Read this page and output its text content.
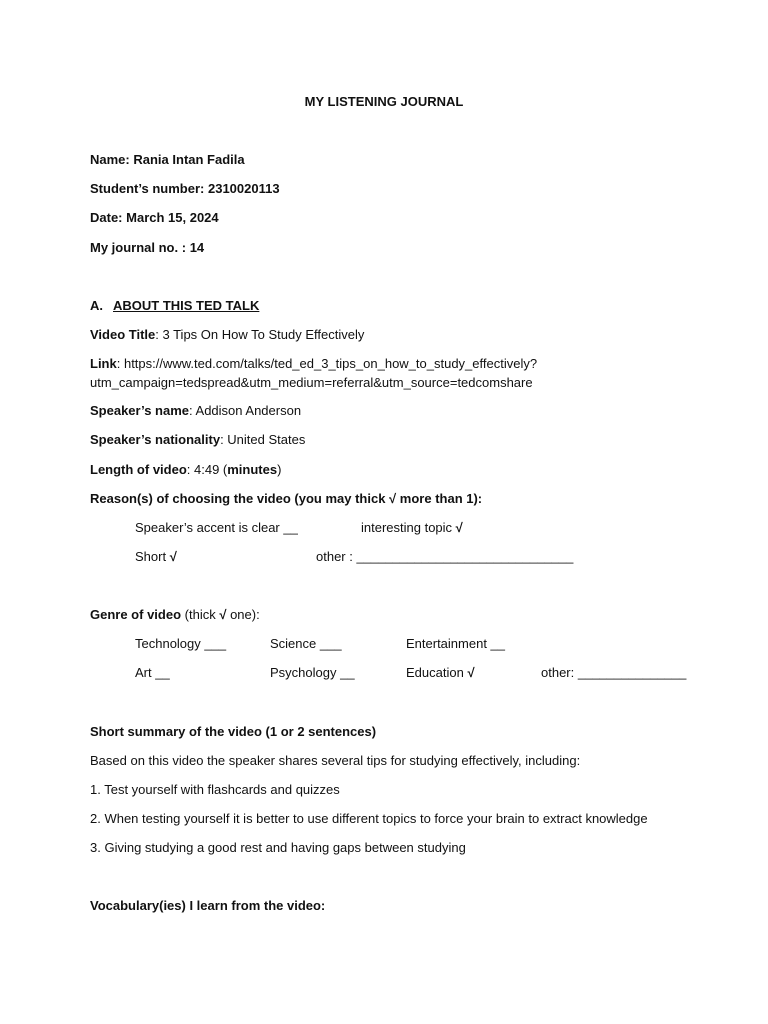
MY LISTENING JOURNAL
Name: Rania Intan Fadila
Student’s number: 2310020113
Date: March 15, 2024
My journal no. : 14
A. ABOUT THIS TED TALK
Video Title: 3 Tips On How To Study Effectively
Link: https://www.ted.com/talks/ted_ed_3_tips_on_how_to_study_effectively?
utm_campaign=tedspread&utm_medium=referral&utm_source=tedcomshare
Speaker’s name: Addison Anderson
Speaker’s nationality: United States
Length of video: 4:49 (minutes)
Reason(s) of choosing the video (you may thick √ more than 1):
Speaker’s accent is clear __	interesting topic √
Short √	other : ______________________________
Genre of video (thick √ one):
Technology ___	Science ___	Entertainment __
Art __	Psychology __	Education √	other: _______________
Short summary of the video (1 or 2 sentences)
Based on this video the speaker shares several tips for studying effectively, including:
1. Test yourself with flashcards and quizzes
2. When testing yourself it is better to use different topics to force your brain to extract knowledge
3. Giving studying a good rest and having gaps between studying
Vocabulary(ies) I learn from the video:
